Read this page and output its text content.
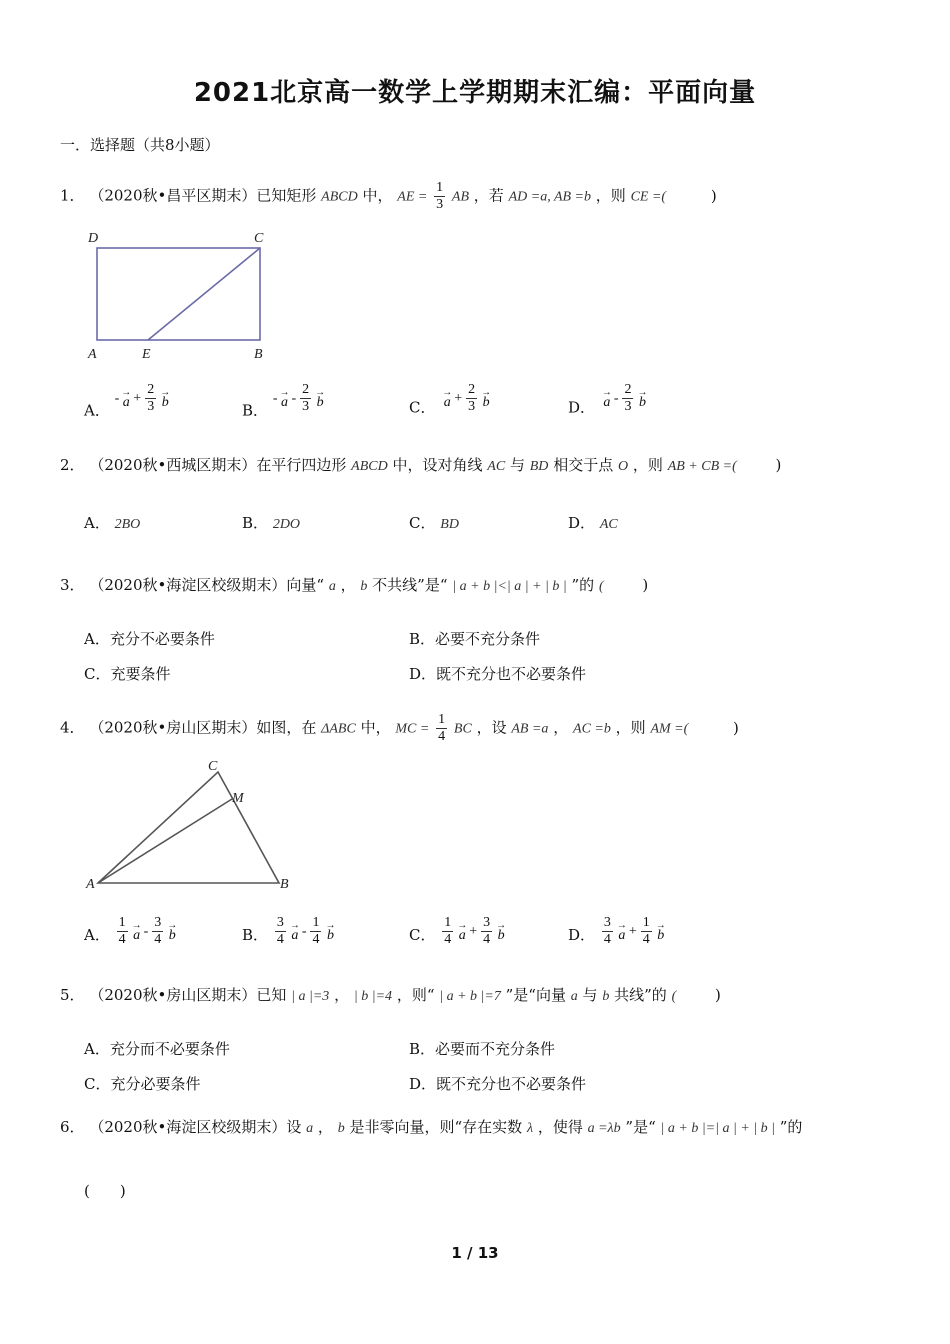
2021北京高一数学上学期期末汇编：平面向量
一．选择题（共8小题）
1． （2020秋•昌平区期末）已知矩形 ABCD 中， AE = $\frac{1}{3}$ AB ，若 AD =a, AB =b ，则 CE =(	)
D	C
A	E	B
A．
- →
$a + \frac{2}{3}$ →
b	B．
- →
a - $\frac{2}{3}$ →
b	C．
→
$a + \frac{2}{3}$ →
b	D．
→
a - $\frac{2}{3}$ →
b
2． （2020秋•西城区期末）在平行四边形 ABCD 中，设对角线 AC 与 BD 相交于点 O ，则 AB + CB =(	)
A． 2BO	B． 2DO	C． BD	D． AC
3． （2020秋•海淀区校级期末）向量“ a ， b 不共线”是“ | a + b |<| a | + | b | ”的 (	)
A．充分不必要条件	B．必要不充分条件
C．充要条件	D．既不充分也不必要条件
4． （2020秋•房山区期末）如图，在 ΔABC 中， MC = $\frac{1}{4}$ BC ，设 AB =a ， AC =b ，则 AM =(	)
C
M
A	B
A． $\frac{1}{4}$ →
a - $\frac{3}{4}$ →
b	B． $\frac{3}{4}$ →
a - $\frac{1}{4}$ →
b	C． $\frac{1}{4}$ →
$a + \frac{3}{4}$ →
b	D． $\frac{3}{4}$ →
$a + \frac{1}{4}$ →
b
5． （2020秋•房山区期末）已知 | a |=3 ， | b |=4 ，则“ | a + b |=7 ”是“向量 a 与 b 共线”的 (	)
A．充分而不必要条件	B．必要而不充分条件
C．充分必要条件	D．既不充分也不必要条件
6． （2020秋•海淀区校级期末）设 a ， b 是非零向量，则“存在实数 λ ，使得 a =λb ”是“ | a + b |=| a | + | b | ”的
( )
1 / 13
